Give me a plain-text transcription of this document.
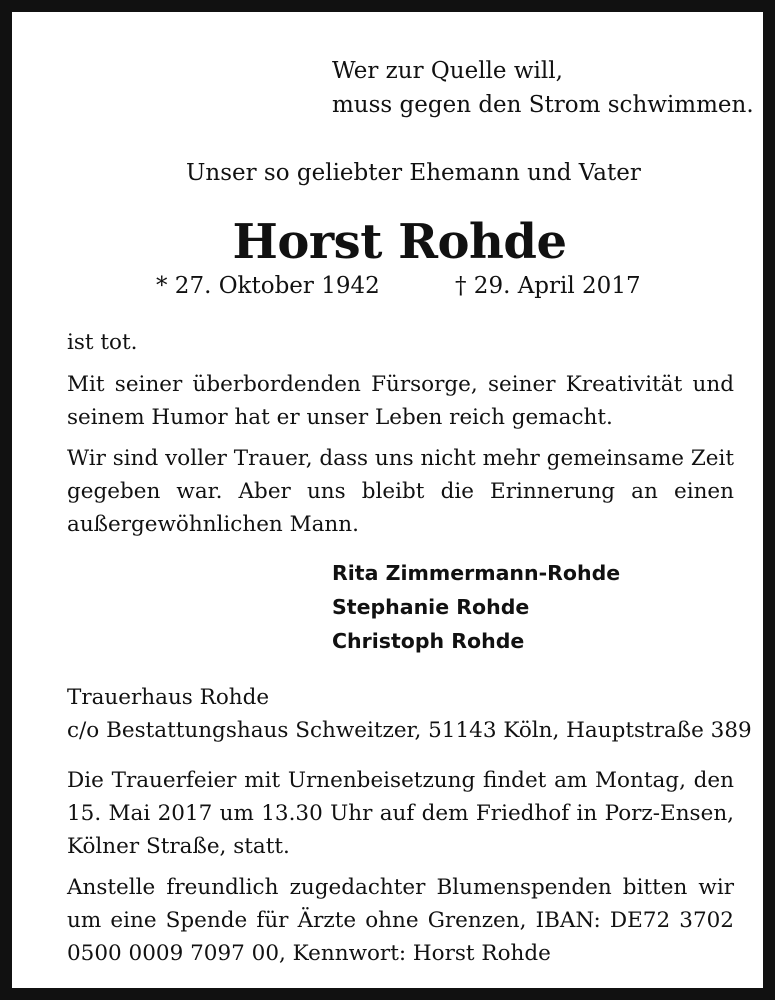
Wer zur Quelle will,
muss gegen den Strom schwimmen.
Unser so geliebter Ehemann und Vater
Horst Rohde
* 27. Oktober 1942	† 29. April 2017
ist tot.
Mit seiner überbordenden Fürsorge, seiner Kreativität und seinem Humor hat er unser Leben reich gemacht.
Wir sind voller Trauer, dass uns nicht mehr gemeinsame Zeit gegeben war. Aber uns bleibt die Erinnerung an einen außergewöhnlichen Mann.
Rita Zimmermann-Rohde
Stephanie Rohde
Christoph Rohde
Trauerhaus Rohde
c/o Bestattungshaus Schweitzer, 51143 Köln, Hauptstraße 389
Die Trauerfeier mit Urnenbeisetzung findet am Montag, den 15. Mai 2017 um 13.30 Uhr auf dem Friedhof in Porz-Ensen, Kölner Straße, statt.
Anstelle freundlich zugedachter Blumenspenden bitten wir um eine Spende für Ärzte ohne Grenzen, IBAN: DE72 3702 0500 0009 7097 00, Kennwort: Horst Rohde
